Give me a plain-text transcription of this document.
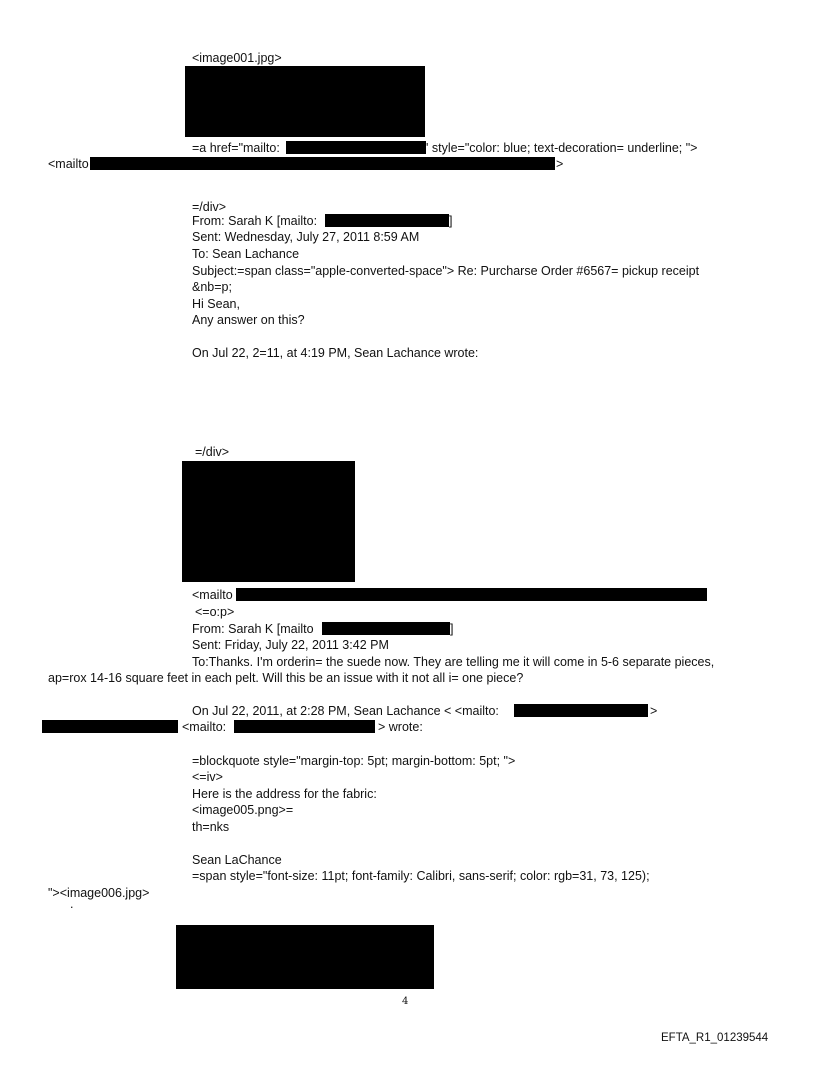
<image001.jpg>
=a href="mailto:	' style="color: blue; text-decoration= underline; ">
<mailto	>
=/div>
From: Sarah K [mailto:	]
Sent: Wednesday, July 27, 2011 8:59 AM
To: Sean Lachance
Subject:=span class="apple-converted-space"> Re: Purcharse Order #6567= pickup receipt
&nb=p;
Hi Sean,
Any answer on this?
On Jul 22, 2=11, at 4:19 PM, Sean Lachance wrote:
=/div>
<mailto
<=o:p>
From: Sarah K [mailto	]
Sent: Friday, July 22, 2011 3:42 PM
To:Thanks. I'm orderin= the suede now. They are telling me it will come in 5-6 separate pieces,
ap=rox 14-16 square feet in each pelt. Will this be an issue with it not all i= one piece?
On Jul 22, 2011, at 2:28 PM, Sean Lachance < <mailto:	>
<mailto:	> wrote:
=blockquote style="margin-top: 5pt; margin-bottom: 5pt; ">
<=iv>
Here is the address for the fabric:
<image005.png>=
th=nks
Sean LaChance
=span style="font-size: 11pt; font-family: Calibri, sans-serif; color: rgb=31, 73, 125);
"><image006.jpg>
.
4
EFTA_R1_01239544
